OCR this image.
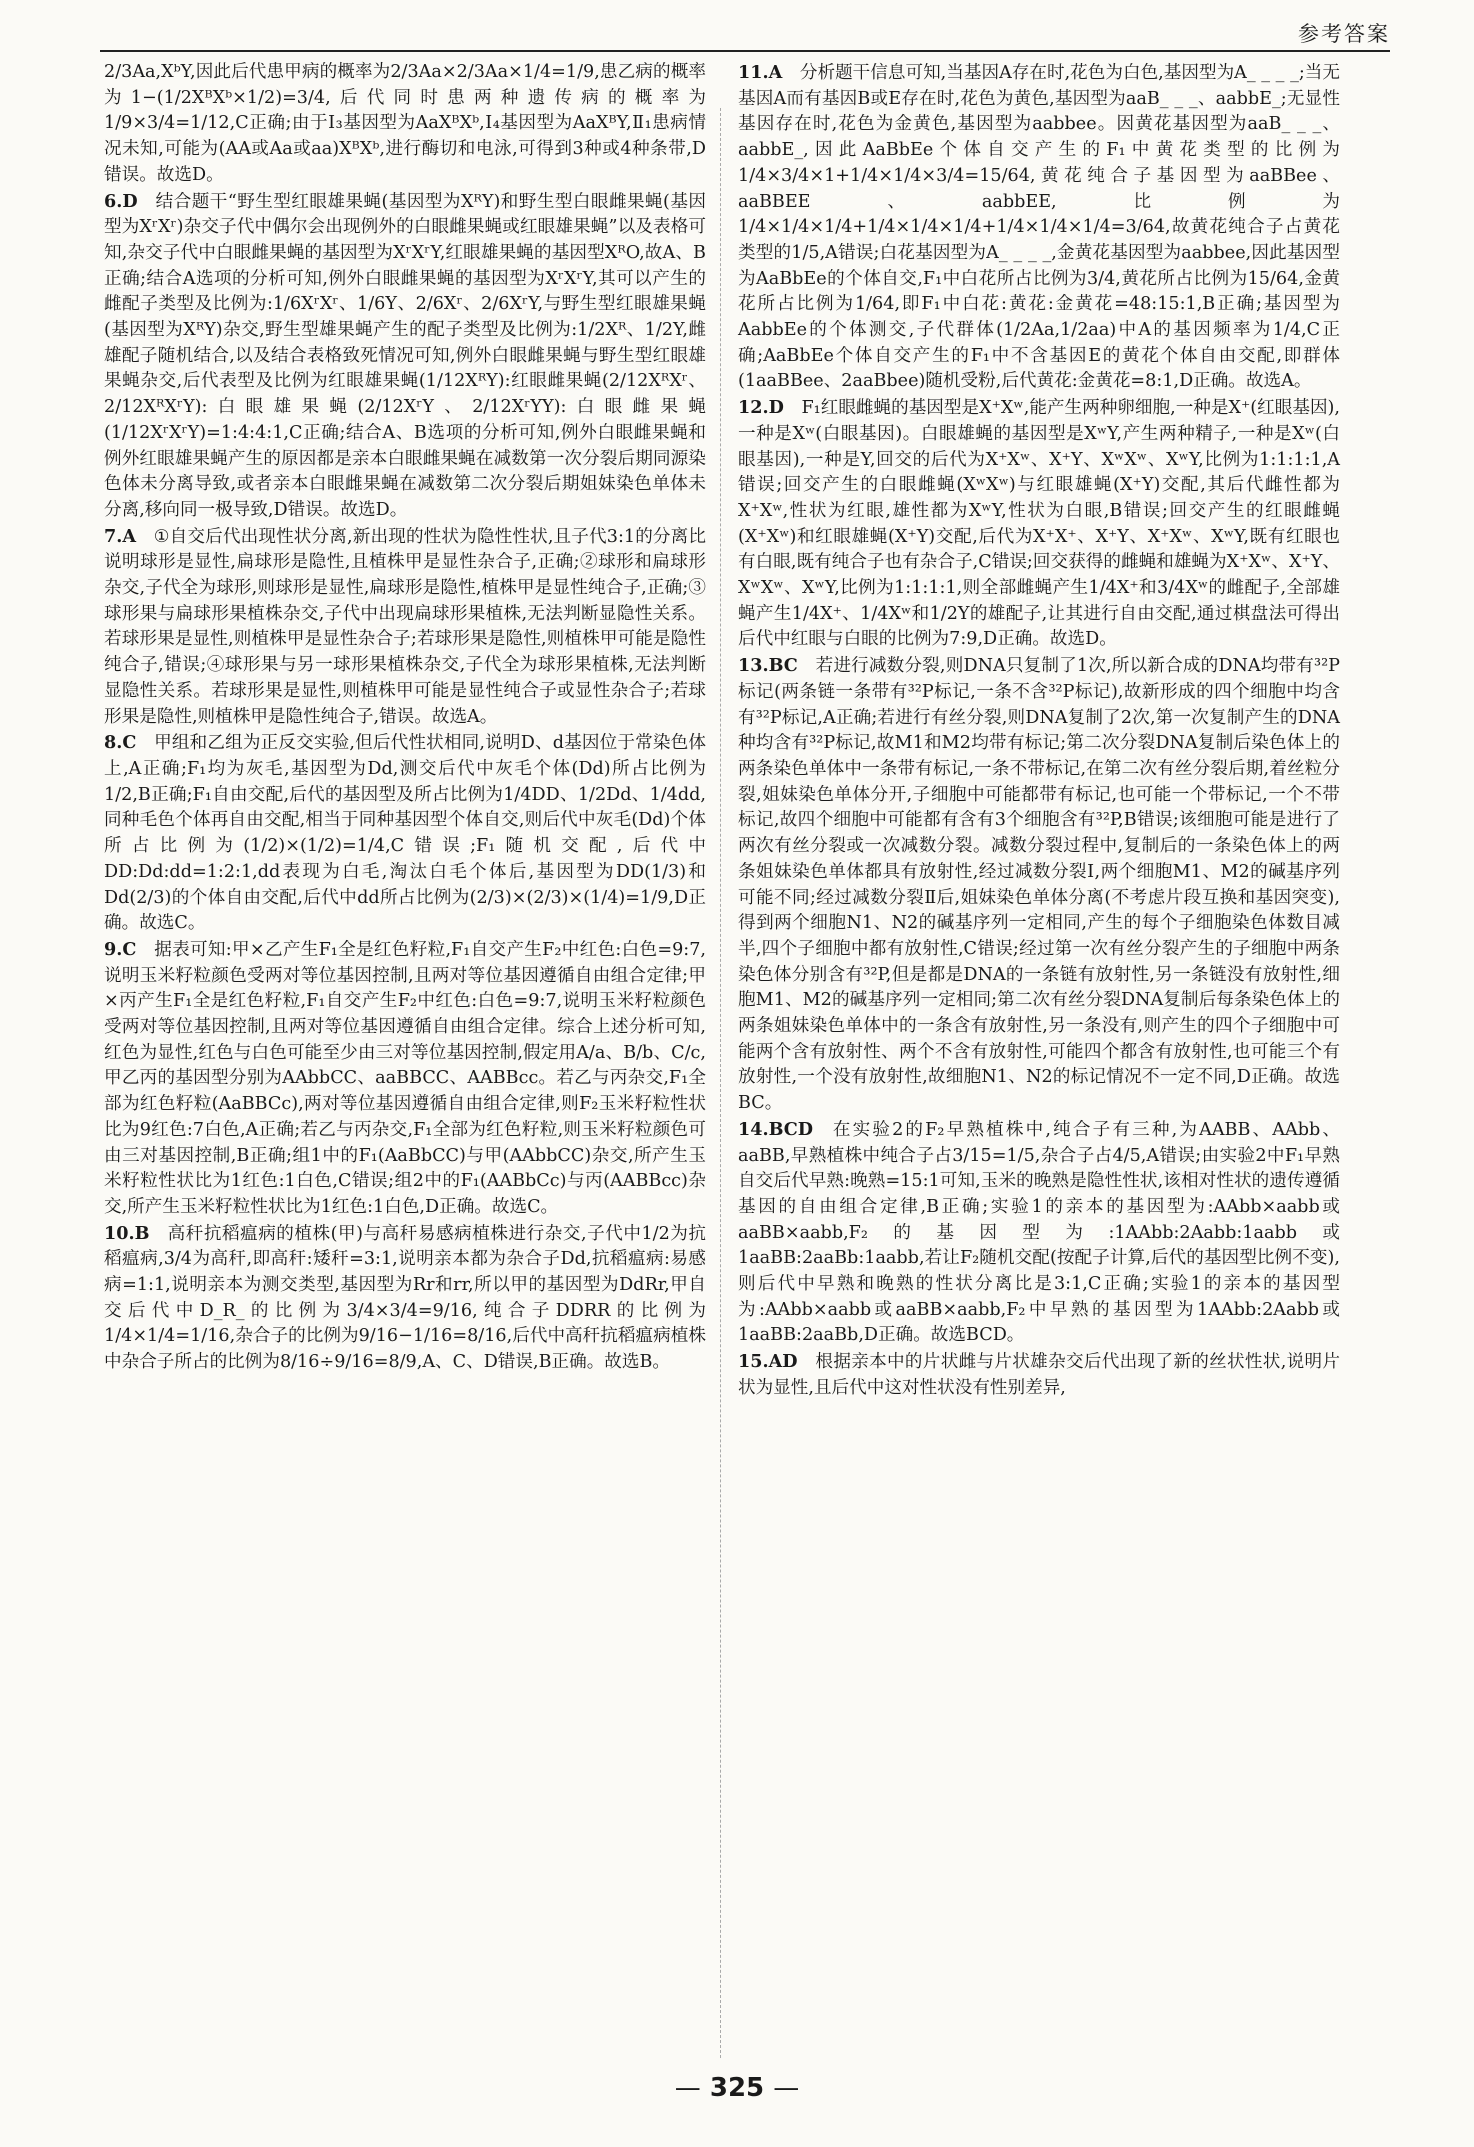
参考答案

2/3Aa,XᵇY,因此后代患甲病的概率为2/3Aa×2/3Aa×1/4=1/9,患乙病的概率为1−(1/2XᴮXᵇ×1/2)=3/4,后代同时患两种遗传病的概率为1/9×3/4=1/12,C正确;由于Ⅰ₃基因型为AaXᴮXᵇ,Ⅰ₄基因型为AaXᴮY,Ⅱ₁患病情况未知,可能为(AA或Aa或aa)XᴮXᵇ,进行酶切和电泳,可得到3种或4种条带,D错误。故选D。

6.D  结合题干“野生型红眼雄果蝇(基因型为XᴿY)和野生型白眼雌果蝇(基因型为XʳXʳ)杂交子代中偶尔会出现例外的白眼雌果蝇或红眼雄果蝇”以及表格可知,杂交子代中白眼雌果蝇的基因型为XʳXʳY,红眼雄果蝇的基因型XᴿO,故A、B正确;结合A选项的分析可知,例外白眼雌果蝇的基因型为XʳXʳY,其可以产生的雌配子类型及比例为:1/6XʳXʳ、1/6Y、2/6Xʳ、2/6XʳY,与野生型红眼雄果蝇(基因型为XᴿY)杂交,野生型雄果蝇产生的配子类型及比例为:1/2Xᴿ、1/2Y,雌雄配子随机结合,以及结合表格致死情况可知,例外白眼雌果蝇与野生型红眼雄果蝇杂交,后代表型及比例为红眼雄果蝇(1/12XᴿY):红眼雌果蝇(2/12XᴿXʳ、2/12XᴿXʳY):白眼雄果蝇(2/12XʳY、2/12XʳYY):白眼雌果蝇(1/12XʳXʳY)=1:4:4:1,C正确;结合A、B选项的分析可知,例外白眼雌果蝇和例外红眼雄果蝇产生的原因都是亲本白眼雌果蝇在减数第一次分裂后期同源染色体未分离导致,或者亲本白眼雌果蝇在减数第二次分裂后期姐妹染色单体未分离,移向同一极导致,D错误。故选D。

7.A  ①自交后代出现性状分离,新出现的性状为隐性性状,且子代3:1的分离比说明球形是显性,扁球形是隐性,且植株甲是显性杂合子,正确;②球形和扁球形杂交,子代全为球形,则球形是显性,扁球形是隐性,植株甲是显性纯合子,正确;③球形果与扁球形果植株杂交,子代中出现扁球形果植株,无法判断显隐性关系。若球形果是显性,则植株甲是显性杂合子;若球形果是隐性,则植株甲可能是隐性纯合子,错误;④球形果与另一球形果植株杂交,子代全为球形果植株,无法判断显隐性关系。若球形果是显性,则植株甲可能是显性纯合子或显性杂合子;若球形果是隐性,则植株甲是隐性纯合子,错误。故选A。

8.C  甲组和乙组为正反交实验,但后代性状相同,说明D、d基因位于常染色体上,A正确;F₁均为灰毛,基因型为Dd,测交后代中灰毛个体(Dd)所占比例为1/2,B正确;F₁自由交配,后代的基因型及所占比例为1/4DD、1/2Dd、1/4dd,同种毛色个体再自由交配,相当于同种基因型个体自交,则后代中灰毛(Dd)个体所占比例为(1/2)×(1/2)=1/4,C错误;F₁随机交配,后代中DD:Dd:dd=1:2:1,dd表现为白毛,淘汰白毛个体后,基因型为DD(1/3)和Dd(2/3)的个体自由交配,后代中dd所占比例为(2/3)×(2/3)×(1/4)=1/9,D正确。故选C。

9.C  据表可知:甲×乙产生F₁全是红色籽粒,F₁自交产生F₂中红色:白色=9:7,说明玉米籽粒颜色受两对等位基因控制,且两对等位基因遵循自由组合定律;甲×丙产生F₁全是红色籽粒,F₁自交产生F₂中红色:白色=9:7,说明玉米籽粒颜色受两对等位基因控制,且两对等位基因遵循自由组合定律。综合上述分析可知,红色为显性,红色与白色可能至少由三对等位基因控制,假定用A/a、B/b、C/c,甲乙丙的基因型分别为AAbbCC、aaBBCC、AABBcc。若乙与丙杂交,F₁全部为红色籽粒(AaBBCc),两对等位基因遵循自由组合定律,则F₂玉米籽粒性状比为9红色:7白色,A正确;若乙与丙杂交,F₁全部为红色籽粒,则玉米籽粒颜色可由三对基因控制,B正确;组1中的F₁(AaBbCC)与甲(AAbbCC)杂交,所产生玉米籽粒性状比为1红色:1白色,C错误;组2中的F₁(AABbCc)与丙(AABBcc)杂交,所产生玉米籽粒性状比为1红色:1白色,D正确。故选C。

10.B  高秆抗稻瘟病的植株(甲)与高秆易感病植株进行杂交,子代中1/2为抗稻瘟病,3/4为高秆,即高秆:矮秆=3:1,说明亲本都为杂合子Dd,抗稻瘟病:易感病=1:1,说明亲本为测交类型,基因型为Rr和rr,所以甲的基因型为DdRr,甲自交后代中D_R_的比例为3/4×3/4=9/16,纯合子DDRR的比例为1/4×1/4=1/16,杂合子的比例为9/16−1/16=8/16,后代中高秆抗稻瘟病植株中杂合子所占的比例为8/16÷9/16=8/9,A、C、D错误,B正确。故选B。

11.A  分析题干信息可知,当基因A存在时,花色为白色,基因型为A_ _ _ _;当无基因A而有基因B或E存在时,花色为黄色,基因型为aaB_ _ _、aabbE_;无显性基因存在时,花色为金黄色,基因型为aabbee。因黄花基因型为aaB_ _ _、aabbE_,因此AaBbEe个体自交产生的F₁中黄花类型的比例为1/4×3/4×1+1/4×1/4×3/4=15/64,黄花纯合子基因型为aaBBee、aaBBEE、aabbEE,比例为1/4×1/4×1/4+1/4×1/4×1/4+1/4×1/4×1/4=3/64,故黄花纯合子占黄花类型的1/5,A错误;白花基因型为A_ _ _ _,金黄花基因型为aabbee,因此基因型为AaBbEe的个体自交,F₁中白花所占比例为3/4,黄花所占比例为15/64,金黄花所占比例为1/64,即F₁中白花:黄花:金黄花=48:15:1,B正确;基因型为AabbEe的个体测交,子代群体(1/2Aa,1/2aa)中A的基因频率为1/4,C正确;AaBbEe个体自交产生的F₁中不含基因E的黄花个体自由交配,即群体(1aaBBee、2aaBbee)随机受粉,后代黄花:金黄花=8:1,D正确。故选A。

12.D  F₁红眼雌蝇的基因型是X⁺Xʷ,能产生两种卵细胞,一种是X⁺(红眼基因),一种是Xʷ(白眼基因)。白眼雄蝇的基因型是XʷY,产生两种精子,一种是Xʷ(白眼基因),一种是Y,回交的后代为X⁺Xʷ、X⁺Y、XʷXʷ、XʷY,比例为1:1:1:1,A错误;回交产生的白眼雌蝇(XʷXʷ)与红眼雄蝇(X⁺Y)交配,其后代雌性都为X⁺Xʷ,性状为红眼,雄性都为XʷY,性状为白眼,B错误;回交产生的红眼雌蝇(X⁺Xʷ)和红眼雄蝇(X⁺Y)交配,后代为X⁺X⁺、X⁺Y、X⁺Xʷ、XʷY,既有红眼也有白眼,既有纯合子也有杂合子,C错误;回交获得的雌蝇和雄蝇为X⁺Xʷ、X⁺Y、XʷXʷ、XʷY,比例为1:1:1:1,则全部雌蝇产生1/4X⁺和3/4Xʷ的雌配子,全部雄蝇产生1/4X⁺、1/4Xʷ和1/2Y的雄配子,让其进行自由交配,通过棋盘法可得出后代中红眼与白眼的比例为7:9,D正确。故选D。

13.BC  若进行减数分裂,则DNA只复制了1次,所以新合成的DNA均带有³²P标记(两条链一条带有³²P标记,一条不含³²P标记),故新形成的四个细胞中均含有³²P标记,A正确;若进行有丝分裂,则DNA复制了2次,第一次复制产生的DNA种均含有³²P标记,故M1和M2均带有标记;第二次分裂DNA复制后染色体上的两条染色单体中一条带有标记,一条不带标记,在第二次有丝分裂后期,着丝粒分裂,姐妹染色单体分开,子细胞中可能都带有标记,也可能一个带标记,一个不带标记,故四个细胞中可能都有含有3个细胞含有³²P,B错误;该细胞可能是进行了两次有丝分裂或一次减数分裂。减数分裂过程中,复制后的一条染色体上的两条姐妹染色单体都具有放射性,经过减数分裂Ⅰ,两个细胞M1、M2的碱基序列可能不同;经过减数分裂Ⅱ后,姐妹染色单体分离(不考虑片段互换和基因突变),得到两个细胞N1、N2的碱基序列一定相同,产生的每个子细胞染色体数目减半,四个子细胞中都有放射性,C错误;经过第一次有丝分裂产生的子细胞中两条染色体分别含有³²P,但是都是DNA的一条链有放射性,另一条链没有放射性,细胞M1、M2的碱基序列一定相同;第二次有丝分裂DNA复制后每条染色体上的两条姐妹染色单体中的一条含有放射性,另一条没有,则产生的四个子细胞中可能两个含有放射性、两个不含有放射性,可能四个都含有放射性,也可能三个有放射性,一个没有放射性,故细胞N1、N2的标记情况不一定不同,D正确。故选BC。

14.BCD  在实验2的F₂早熟植株中,纯合子有三种,为AABB、AAbb、aaBB,早熟植株中纯合子占3/15=1/5,杂合子占4/5,A错误;由实验2中F₁早熟自交后代早熟:晚熟=15:1可知,玉米的晚熟是隐性性状,该相对性状的遗传遵循基因的自由组合定律,B正确;实验1的亲本的基因型为:AAbb×aabb或aaBB×aabb,F₂的基因型为:1AAbb:2Aabb:1aabb或1aaBB:2aaBb:1aabb,若让F₂随机交配(按配子计算,后代的基因型比例不变),则后代中早熟和晚熟的性状分离比是3:1,C正确;实验1的亲本的基因型为:AAbb×aabb或aaBB×aabb,F₂中早熟的基因型为1AAbb:2Aabb或1aaBB:2aaBb,D正确。故选BCD。

15.AD  根据亲本中的片状雌与片状雄杂交后代出现了新的丝状性状,说明片状为显性,且后代中这对性状没有性别差异,

— 325 —
